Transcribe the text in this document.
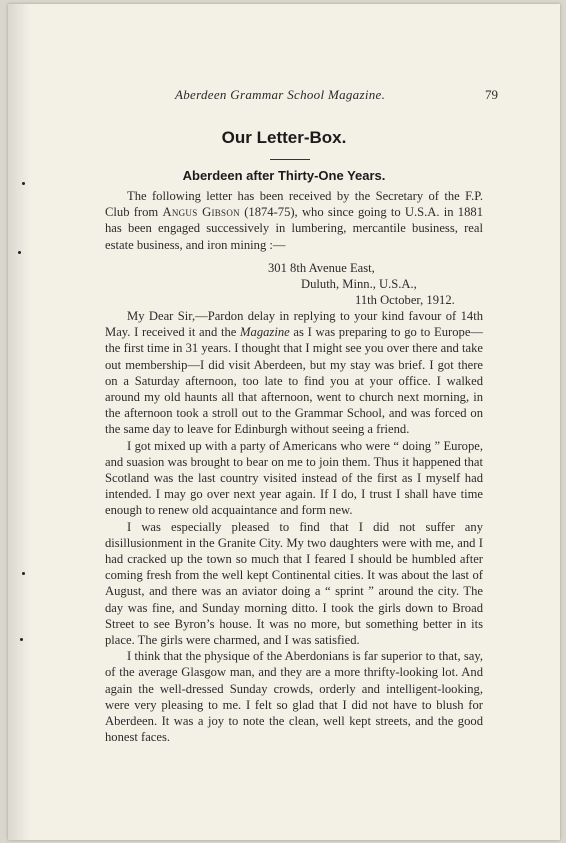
Aberdeen Grammar School Magazine.	79
Our Letter-Box.
Aberdeen after Thirty-One Years.

The following letter has been received by the Secretary of the F.P. Club from Angus Gibson (1874-75), who since going to U.S.A. in 1881 has been engaged successively in lumbering, mercantile business, real estate business, and iron mining :—

301 8th Avenue East,
Duluth, Minn., U.S.A.,
11th October, 1912.

My Dear Sir,—Pardon delay in replying to your kind favour of 14th May. I received it and the Magazine as I was preparing to go to Europe—the first time in 31 years. I thought that I might see you over there and take out membership—I did visit Aberdeen, but my stay was brief. I got there on a Saturday afternoon, too late to find you at your office. I walked around my old haunts all that afternoon, went to church next morning, in the afternoon took a stroll out to the Grammar School, and was forced on the same day to leave for Edinburgh without seeing a friend.

I got mixed up with a party of Americans who were “ doing ” Europe, and suasion was brought to bear on me to join them. Thus it happened that Scotland was the last country visited instead of the first as I myself had intended. I may go over next year again. If I do, I trust I shall have time enough to renew old acquaintance and form new.

I was especially pleased to find that I did not suffer any disillusionment in the Granite City. My two daughters were with me, and I had cracked up the town so much that I feared I should be humbled after coming fresh from the well kept Continental cities. It was about the last of August, and there was an aviator doing a “ sprint ” around the city. The day was fine, and Sunday morning ditto. I took the girls down to Broad Street to see Byron’s house. It was no more, but something better in its place. The girls were charmed, and I was satisfied.

I think that the physique of the Aberdonians is far superior to that, say, of the average Glasgow man, and they are a more thrifty-looking lot. And again the well-dressed Sunday crowds, orderly and intelligent-looking, were very pleasing to me. I felt so glad that I did not have to blush for Aberdeen. It was a joy to note the clean, well kept streets, and the good honest faces.
